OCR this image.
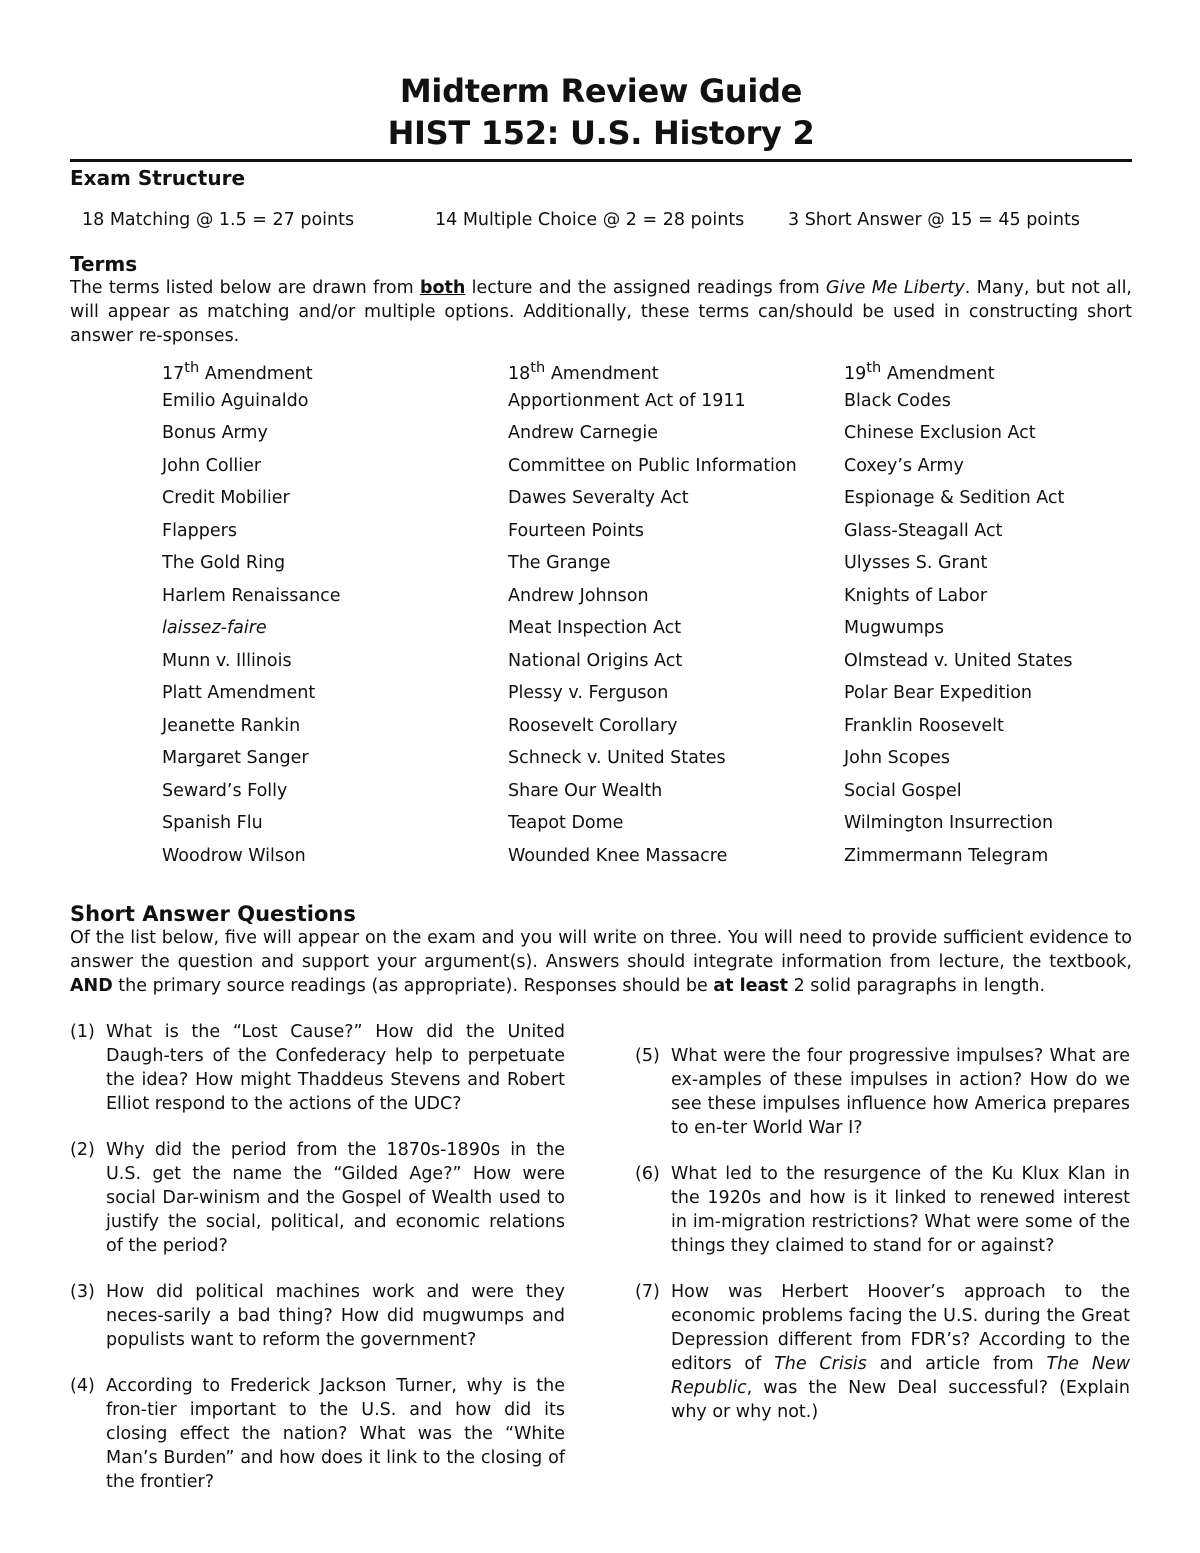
Midterm Review Guide
HIST 152: U.S. History 2
Exam Structure
18 Matching @ 1.5 = 27 points	14 Multiple Choice @ 2 = 28 points	3 Short Answer @ 15 = 45 points
Terms
The terms listed below are drawn from both lecture and the assigned readings from Give Me Liberty. Many, but not all, will appear as matching and/or multiple options. Additionally, these terms can/should be used in constructing short answer re-sponses.
17th Amendment	18th Amendment	19th Amendment
Emilio Aguinaldo	Apportionment Act of 1911	Black Codes
Bonus Army	Andrew Carnegie	Chinese Exclusion Act
John Collier	Committee on Public Information	Coxey’s Army
Credit Mobilier	Dawes Severalty Act	Espionage & Sedition Act
Flappers	Fourteen Points	Glass-Steagall Act
The Gold Ring	The Grange	Ulysses S. Grant
Harlem Renaissance	Andrew Johnson	Knights of Labor
laissez-faire	Meat Inspection Act	Mugwumps
Munn v. Illinois	National Origins Act	Olmstead v. United States
Platt Amendment	Plessy v. Ferguson	Polar Bear Expedition
Jeanette Rankin	Roosevelt Corollary	Franklin Roosevelt
Margaret Sanger	Schneck v. United States	John Scopes
Seward’s Folly	Share Our Wealth	Social Gospel
Spanish Flu	Teapot Dome	Wilmington Insurrection
Woodrow Wilson	Wounded Knee Massacre	Zimmermann Telegram
Short Answer Questions
Of the list below, five will appear on the exam and you will write on three. You will need to provide sufficient evidence to answer the question and support your argument(s). Answers should integrate information from lecture, the textbook, AND the primary source readings (as appropriate). Responses should be at least 2 solid paragraphs in length.
(1) What is the “Lost Cause?” How did the United Daugh-ters of the Confederacy help to perpetuate the idea? How might Thaddeus Stevens and Robert Elliot respond to the actions of the UDC?
(2) Why did the period from the 1870s-1890s in the U.S. get the name the “Gilded Age?” How were social Dar-winism and the Gospel of Wealth used to justify the social, political, and economic relations of the period?
(3) How did political machines work and were they neces-sarily a bad thing? How did mugwumps and populists want to reform the government?
(4) According to Frederick Jackson Turner, why is the fron-tier important to the U.S. and how did its closing effect the nation? What was the “White Man’s Burden” and how does it link to the closing of the frontier?
(5) What were the four progressive impulses? What are ex-amples of these impulses in action? How do we see these impulses influence how America prepares to en-ter World War I?
(6) What led to the resurgence of the Ku Klux Klan in the 1920s and how is it linked to renewed interest in im-migration restrictions? What were some of the things they claimed to stand for or against?
(7) How was Herbert Hoover’s approach to the economic problems facing the U.S. during the Great Depression different from FDR’s? According to the editors of The Crisis and article from The New Republic, was the New Deal successful? (Explain why or why not.)
